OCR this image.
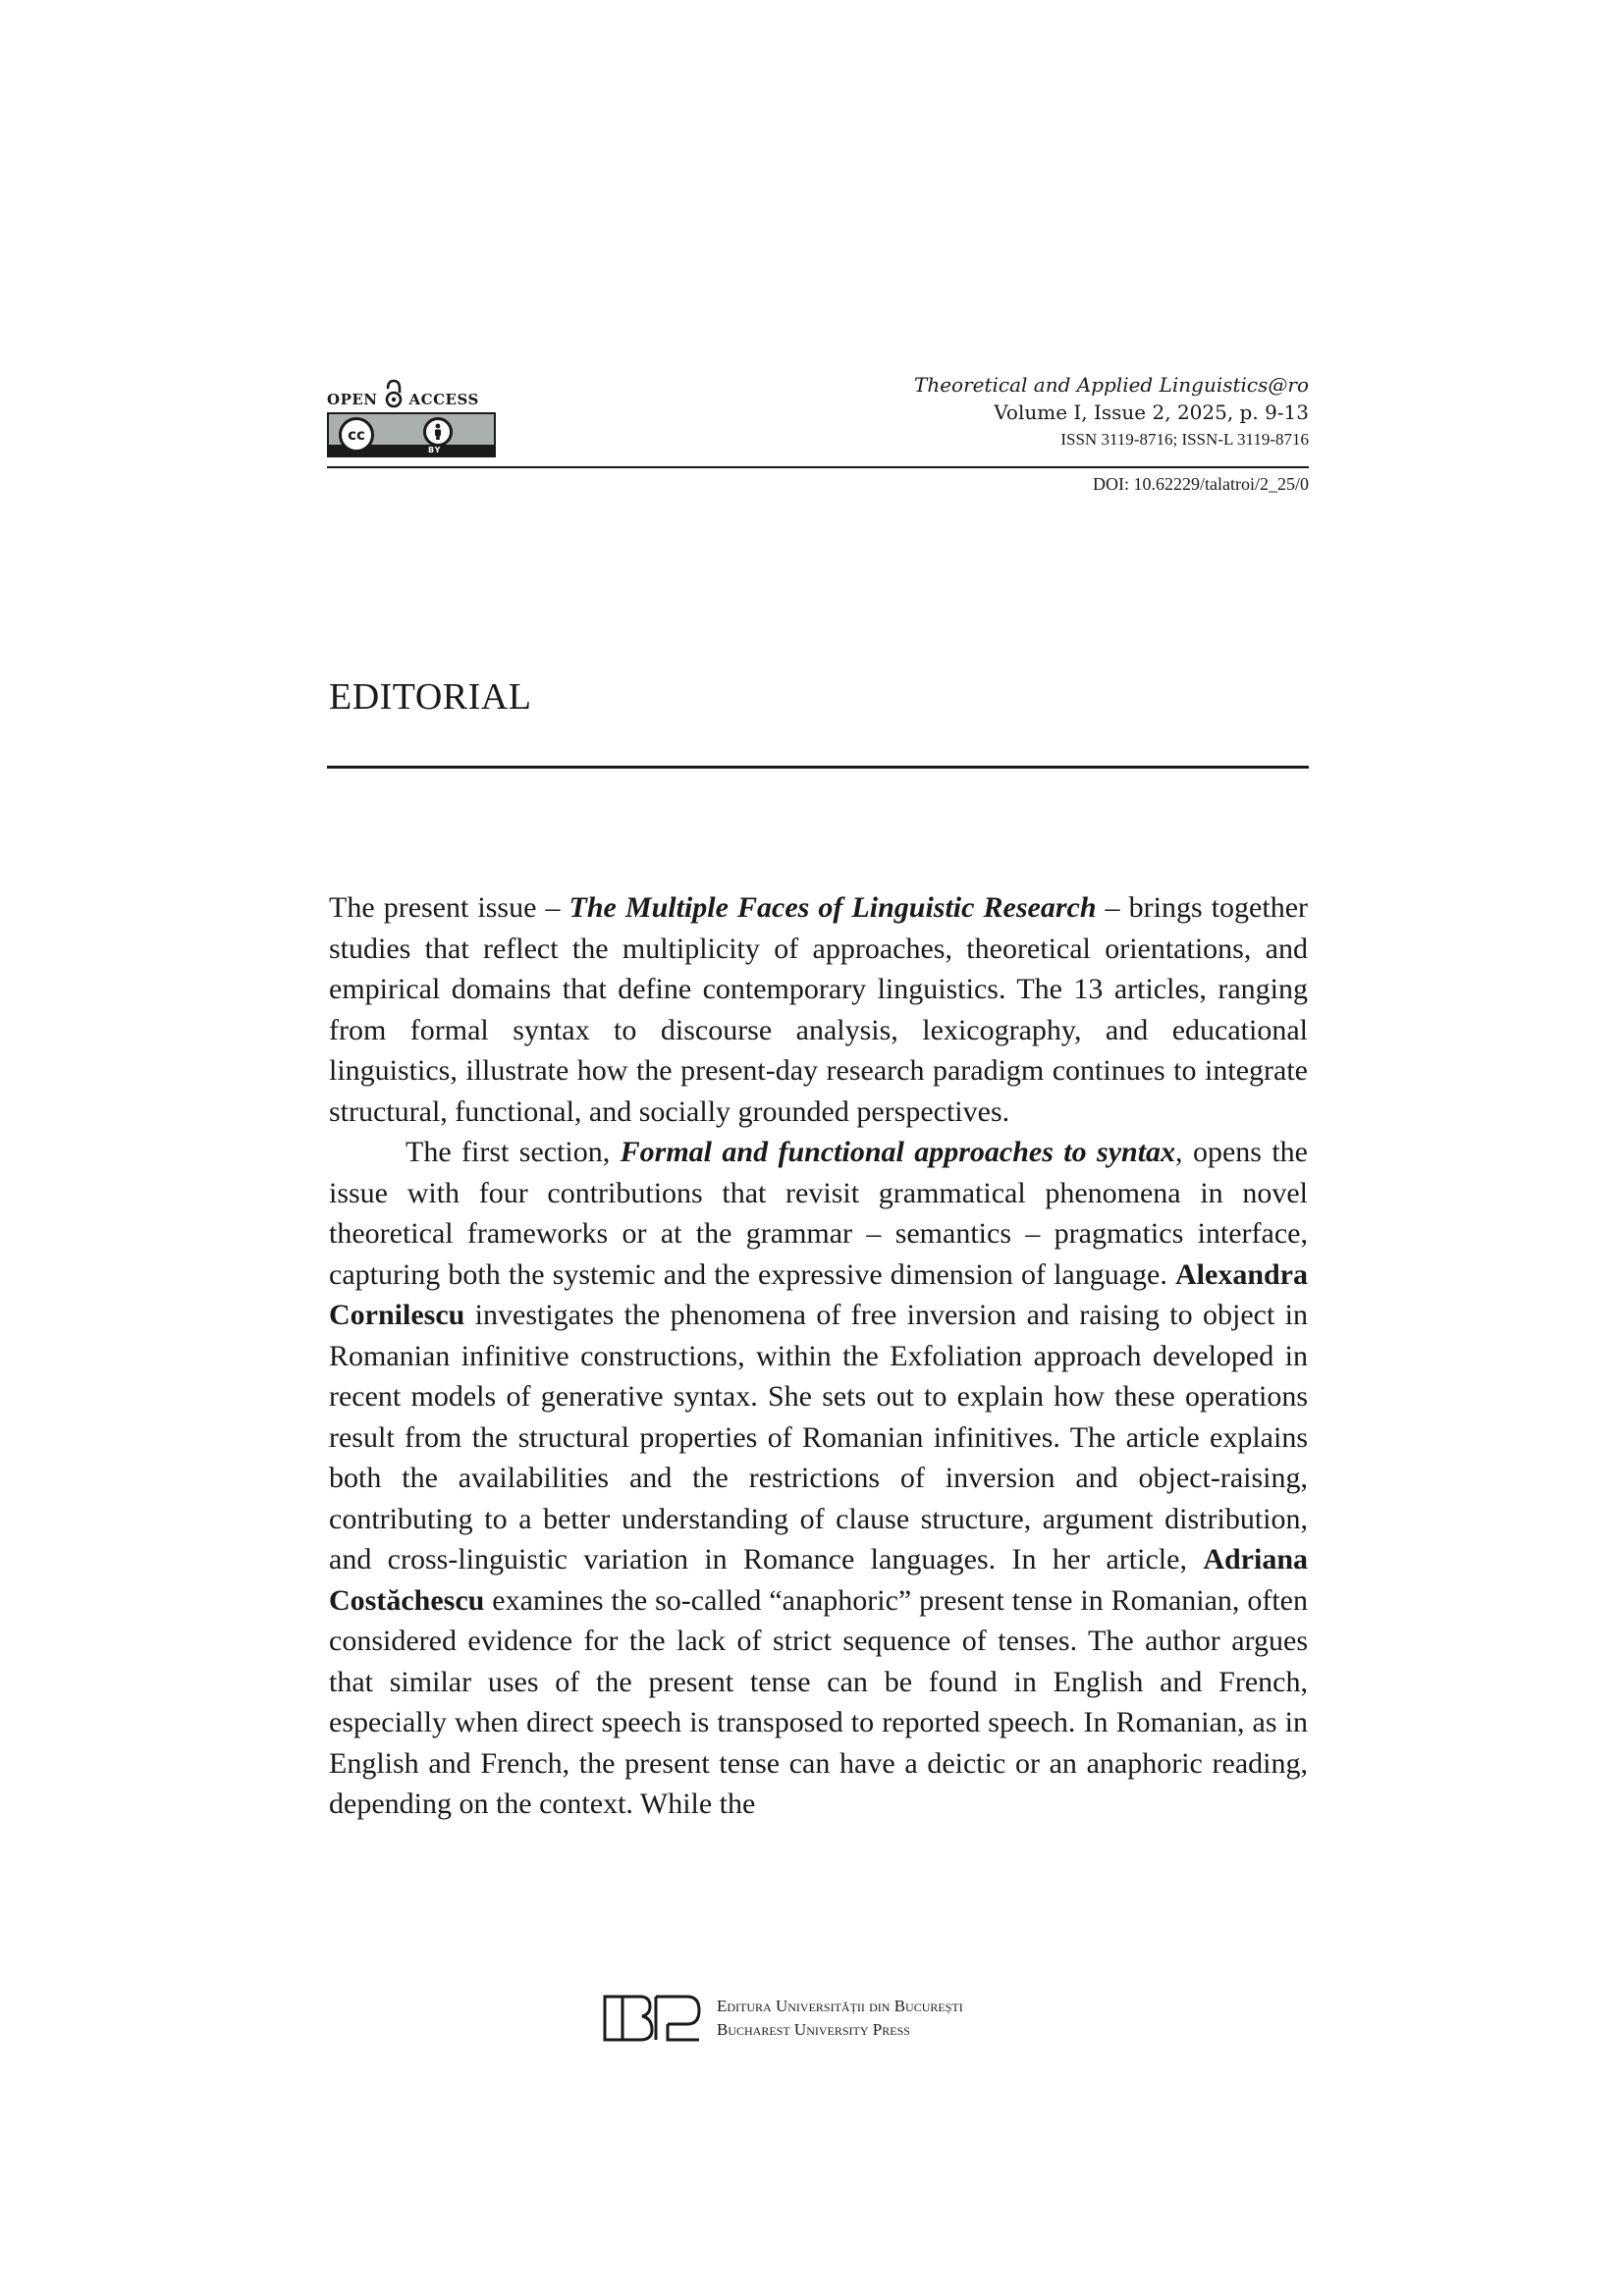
OPEN ACCESS
cc
BY
Theoretical and Applied Linguistics@ro
Volume I, Issue 2, 2025, p. 9-13
ISSN 3119-8716; ISSN-L 3119-8716
DOI: 10.62229/talatroi/2_25/0
EDITORIAL

The present issue – The Multiple Faces of Linguistic Research – brings together studies that reflect the multiplicity of approaches, theoretical orientations, and empirical domains that define contemporary linguistics. The 13 articles, ranging from formal syntax to discourse analysis, lexicography, and educational linguistics, illustrate how the present-day research paradigm continues to integrate structural, functional, and socially grounded perspectives.

The first section, Formal and functional approaches to syntax, opens the issue with four contributions that revisit grammatical phenomena in novel theoretical frameworks or at the grammar – semantics – pragmatics interface, capturing both the systemic and the expressive dimension of language. Alexandra Cornilescu investigates the phenomena of free inversion and raising to object in Romanian infinitive constructions, within the Exfoliation approach developed in recent models of generative syntax. She sets out to explain how these operations result from the structural properties of Romanian infinitives. The article explains both the availabilities and the restrictions of inversion and object-raising, contributing to a better understanding of clause structure, argument distribution, and cross-linguistic variation in Romance languages. In her article, Adriana Costăchescu examines the so-called “anaphoric” present tense in Romanian, often considered evidence for the lack of strict sequence of tenses. The author argues that similar uses of the present tense can be found in English and French, especially when direct speech is transposed to reported speech. In Romanian, as in English and French, the present tense can have a deictic or an anaphoric reading, depending on the context. While the

Editura Universității din București
Bucharest University Press
